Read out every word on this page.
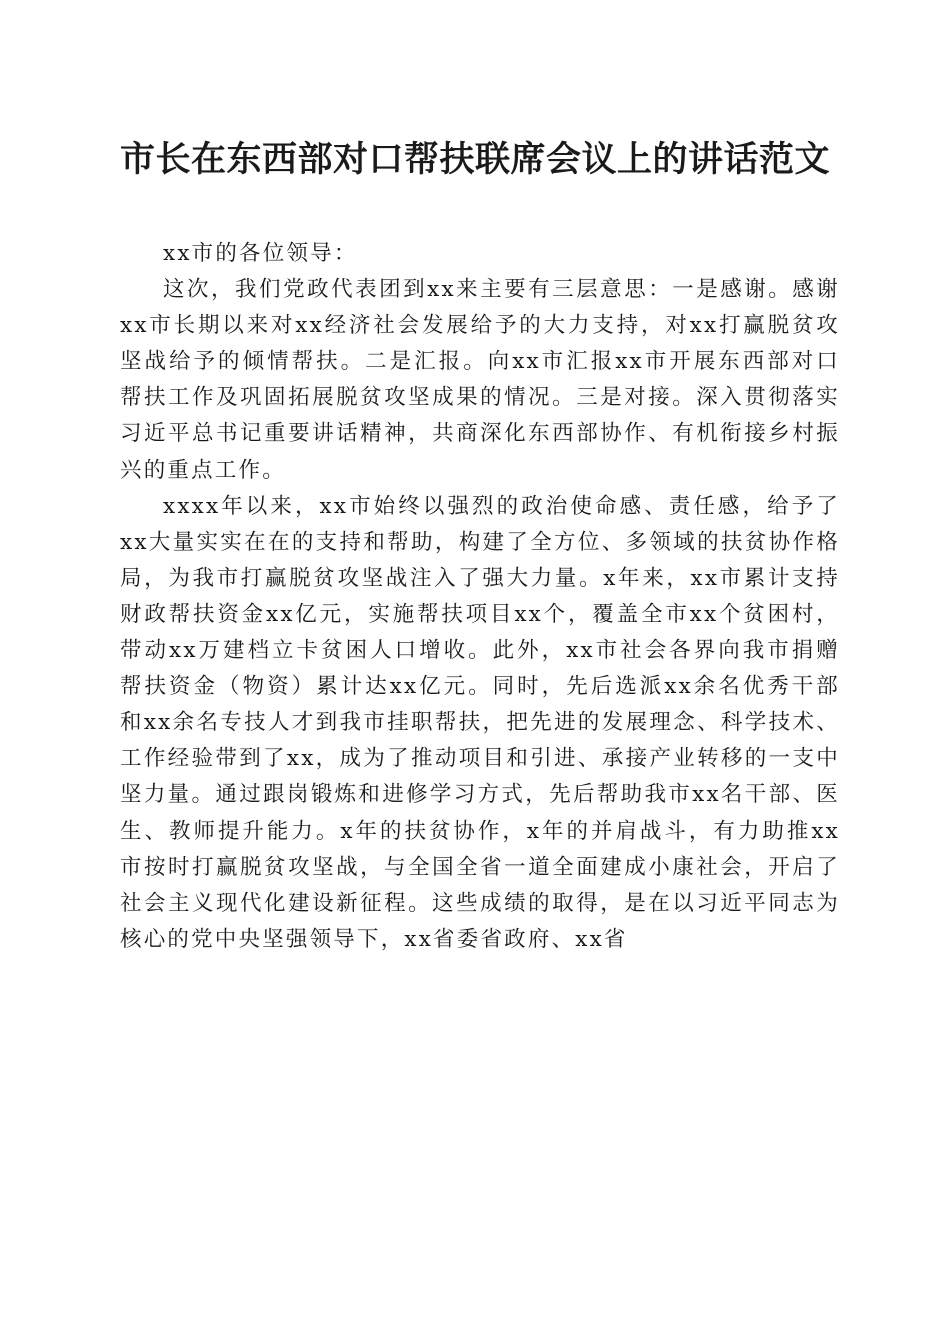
市长在东西部对口帮扶联席会议上的讲话范文

xx市的各位领导：

这次，我们党政代表团到xx来主要有三层意思：一是感谢。感谢xx市长期以来对xx经济社会发展给予的大力支持，对xx打赢脱贫攻坚战给予的倾情帮扶。二是汇报。向xx市汇报xx市开展东西部对口帮扶工作及巩固拓展脱贫攻坚成果的情况。三是对接。深入贯彻落实习近平总书记重要讲话精神，共商深化东西部协作、有机衔接乡村振兴的重点工作。

xxxx年以来，xx市始终以强烈的政治使命感、责任感，给予了xx大量实实在在的支持和帮助，构建了全方位、多领域的扶贫协作格局，为我市打赢脱贫攻坚战注入了强大力量。x年来，xx市累计支持财政帮扶资金xx亿元，实施帮扶项目xx个，覆盖全市xx个贫困村，带动xx万建档立卡贫困人口增收。此外，xx市社会各界向我市捐赠帮扶资金（物资）累计达xx亿元。同时，先后选派xx余名优秀干部和xx余名专技人才到我市挂职帮扶，把先进的发展理念、科学技术、工作经验带到了xx，成为了推动项目和引进、承接产业转移的一支中坚力量。通过跟岗锻炼和进修学习方式，先后帮助我市xx名干部、医生、教师提升能力。x年的扶贫协作，x年的并肩战斗，有力助推xx市按时打赢脱贫攻坚战，与全国全省一道全面建成小康社会，开启了社会主义现代化建设新征程。这些成绩的取得，是在以习近平同志为核心的党中央坚强领导下，xx省委省政府、xx省
